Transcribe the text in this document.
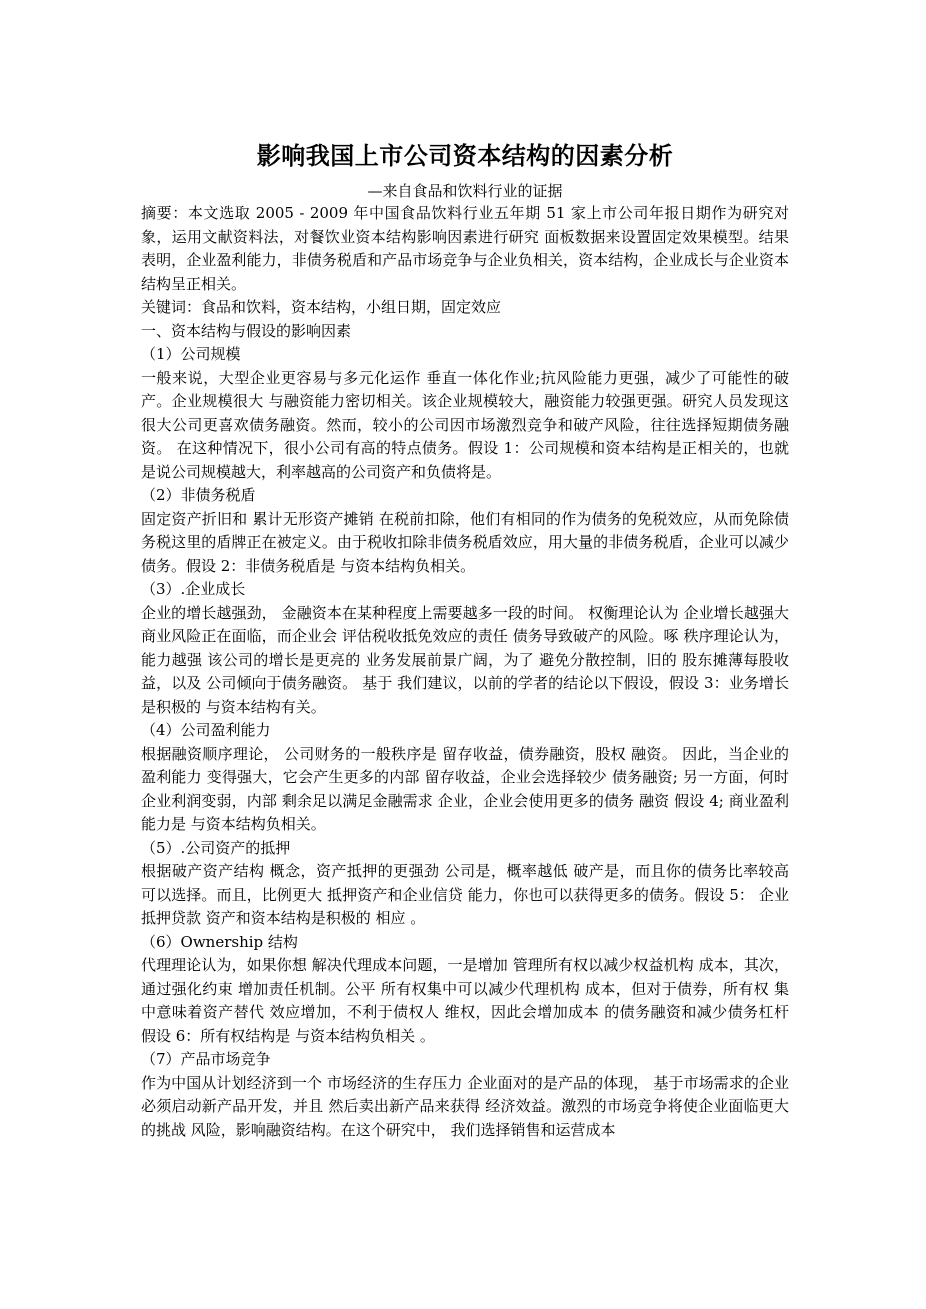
影响我国上市公司资本结构的因素分析

—来自食品和饮料行业的证据

摘要：本文选取 2005 - 2009 年中国食品饮料行业五年期 51 家上市公司年报日期作为研究对象，运用文献资料法，对餐饮业资本结构影响因素进行研究 面板数据来设置固定效果模型。结果表明，企业盈利能力，非债务税盾和产品市场竞争与企业负相关，资本结构，企业成长与企业资本结构呈正相关。

关键词：食品和饮料，资本结构，小组日期，固定效应

一、资本结构与假设的影响因素

（1）公司规模

一般来说，大型企业更容易与多元化运作 垂直一体化作业;抗风险能力更强，减少了可能性的破产。企业规模很大 与融资能力密切相关。该企业规模较大，融资能力较强更强。研究人员发现这很大公司更喜欢债务融资。然而，较小的公司因市场激烈竞争和破产风险，往往选择短期债务融资。 在这种情况下，很小公司有高的特点债务。假设 1：公司规模和资本结构是正相关的，也就是说公司规模越大，利率越高的公司资产和负债将是。

（2）非债务税盾

固定资产折旧和 累计无形资产摊销 在税前扣除，他们有相同的作为债务的免税效应，从而免除债务税这里的盾牌正在被定义。由于税收扣除非债务税盾效应，用大量的非债务税盾，企业可以减少债务。假设 2：非债务税盾是 与资本结构负相关。

（3）.企业成长

企业的增长越强劲， 金融资本在某种程度上需要越多一段的时间。 权衡理论认为 企业增长越强大 商业风险正在面临，而企业会 评估税收抵免效应的责任 债务导致破产的风险。啄 秩序理论认为，能力越强 该公司的增长是更亮的 业务发展前景广阔，为了 避免分散控制，旧的 股东摊薄每股收益，以及 公司倾向于债务融资。 基于 我们建议，以前的学者的结论以下假设，假设 3：业务增长是积极的 与资本结构有关。

（4）公司盈利能力

根据融资顺序理论， 公司财务的一般秩序是 留存收益，债券融资，股权 融资。 因此，当企业的盈利能力 变得强大，它会产生更多的内部 留存收益，企业会选择较少 债务融资; 另一方面，何时 企业利润变弱，内部 剩余足以满足金融需求 企业，企业会使用更多的债务 融资 假设 4; 商业盈利能力是 与资本结构负相关。

（5）.公司资产的抵押

根据破产资产结构 概念，资产抵押的更强劲 公司是，概率越低 破产是，而且你的债务比率较高 可以选择。而且，比例更大 抵押资产和企业信贷 能力，你也可以获得更多的债务。假设 5： 企业抵押贷款 资产和资本结构是积极的 相应 。

（6）Ownership 结构

代理理论认为，如果你想 解决代理成本问题，一是增加 管理所有权以减少权益机构 成本，其次，通过强化约束 增加责任机制。公平 所有权集中可以减少代理机构 成本，但对于债券，所有权 集中意味着资产替代 效应增加，不利于债权人 维权，因此会增加成本 的债务融资和减少债务杠杆 假设 6：所有权结构是 与资本结构负相关 。

（7）产品市场竞争

作为中国从计划经济到一个 市场经济的生存压力 企业面对的是产品的体现， 基于市场需求的企业 必须启动新产品开发，并且 然后卖出新产品来获得 经济效益。激烈的市场竞争将使企业面临更大的挑战 风险，影响融资结构。在这个研究中， 我们选择销售和运营成本
